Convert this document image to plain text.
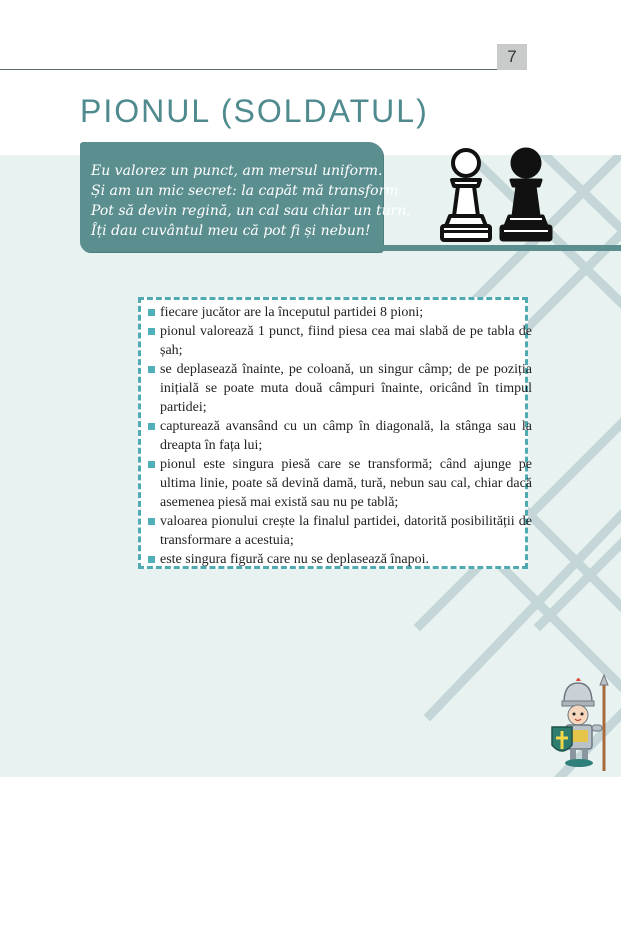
7
PIONUL (SOLDATUL)
Eu valorez un punct, am mersul uniform.
Și am un mic secret: la capăt mă transform
Pot să devin regină, un cal sau chiar un turn,
Îți dau cuvântul meu că pot fi și nebun!
fiecare jucător are la începutul partidei 8 pioni;
pionul valorează 1 punct, fiind piesa cea mai slabă de pe tabla de șah;
se deplasează înainte, pe coloană, un singur câmp; de pe poziția inițială se poate muta două câmpuri înainte, oricând în timpul partidei;
capturează avansând cu un câmp în diagonală, la stânga sau la dreapta în fața lui;
pionul este singura piesă care se transformă; când ajunge pe ultima linie, poate să devină damă, tură, nebun sau cal, chiar dacă asemenea piesă mai există sau nu pe tablă;
valoarea pionului crește la finalul partidei, datorită posibilității de transformare a acestuia;
este singura figură care nu se deplasează înapoi.
